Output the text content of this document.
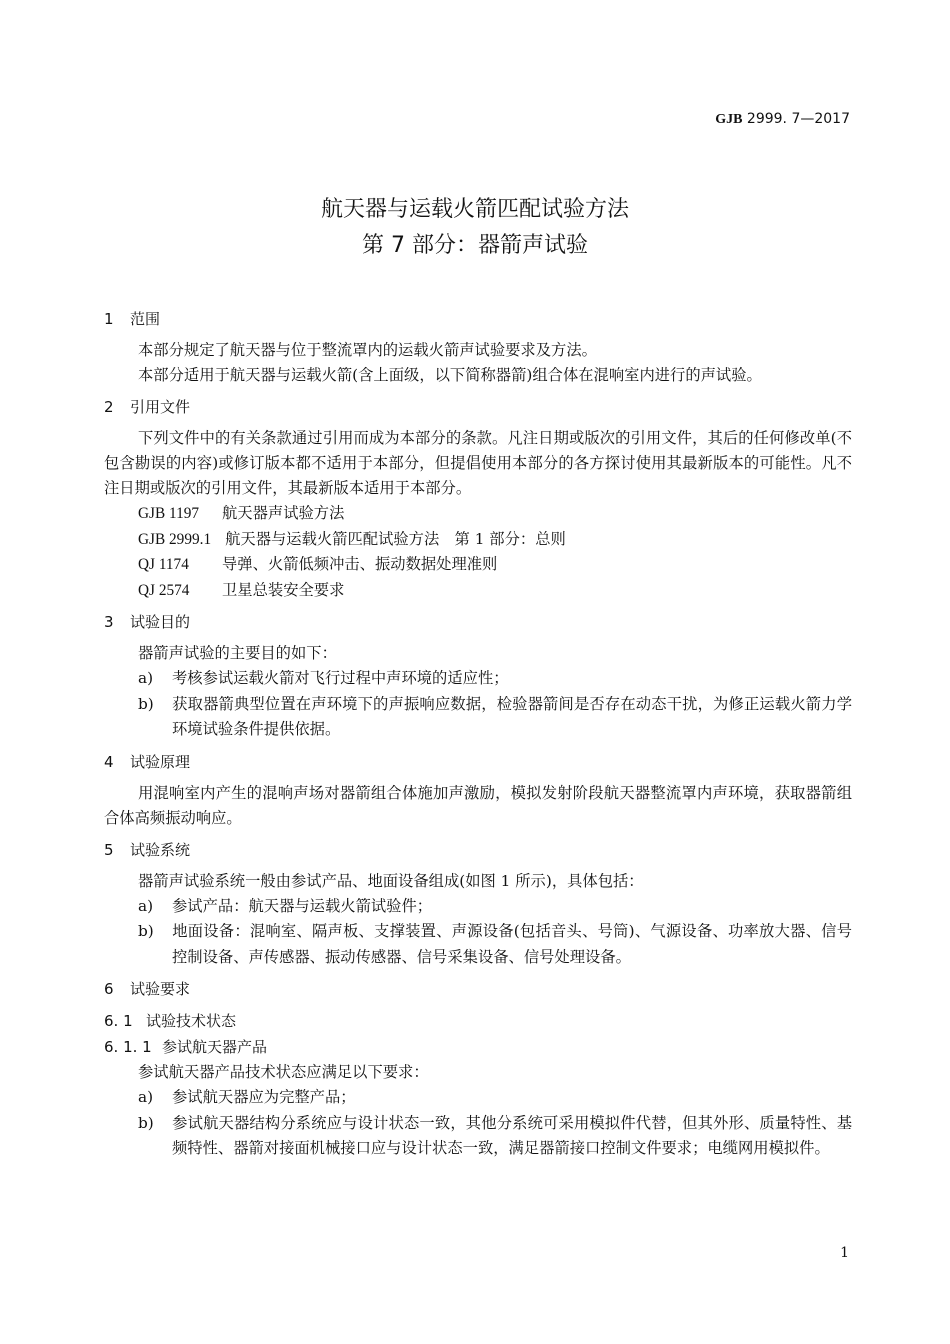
GJB 2999. 7—2017
航天器与运载火箭匹配试验方法
第 7 部分：器箭声试验

1 范围

本部分规定了航天器与位于整流罩内的运载火箭声试验要求及方法。

本部分适用于航天器与运载火箭(含上面级，以下简称器箭)组合体在混响室内进行的声试验。

2 引用文件

下列文件中的有关条款通过引用而成为本部分的条款。凡注日期或版次的引用文件，其后的任何修改单(不包含勘误的内容)或修订版本都不适用于本部分，但提倡使用本部分的各方探讨使用其最新版本的可能性。凡不注日期或版次的引用文件，其最新版本适用于本部分。

GJB 1197 航天器声试验方法

GJB 2999.1 航天器与运载火箭匹配试验方法　第 1 部分：总则

QJ 1174 导弹、火箭低频冲击、振动数据处理准则

QJ 2574 卫星总装安全要求

3 试验目的

器箭声试验的主要目的如下：

a) 考核参试运载火箭对飞行过程中声环境的适应性；

b) 获取器箭典型位置在声环境下的声振响应数据，检验器箭间是否存在动态干扰，为修正运载火箭力学环境试验条件提供依据。

4 试验原理

用混响室内产生的混响声场对器箭组合体施加声激励，模拟发射阶段航天器整流罩内声环境，获取器箭组合体高频振动响应。

5 试验系统

器箭声试验系统一般由参试产品、地面设备组成(如图 1 所示)，具体包括：

a) 参试产品：航天器与运载火箭试验件；

b) 地面设备：混响室、隔声板、支撑装置、声源设备(包括音头、号筒)、气源设备、功率放大器、信号控制设备、声传感器、振动传感器、信号采集设备、信号处理设备。

6 试验要求

6. 1 试验技术状态

6. 1. 1 参试航天器产品

参试航天器产品技术状态应满足以下要求：

a) 参试航天器应为完整产品；

b) 参试航天器结构分系统应与设计状态一致，其他分系统可采用模拟件代替，但其外形、质量特性、基频特性、器箭对接面机械接口应与设计状态一致，满足器箭接口控制文件要求；电缆网用模拟件。

1
